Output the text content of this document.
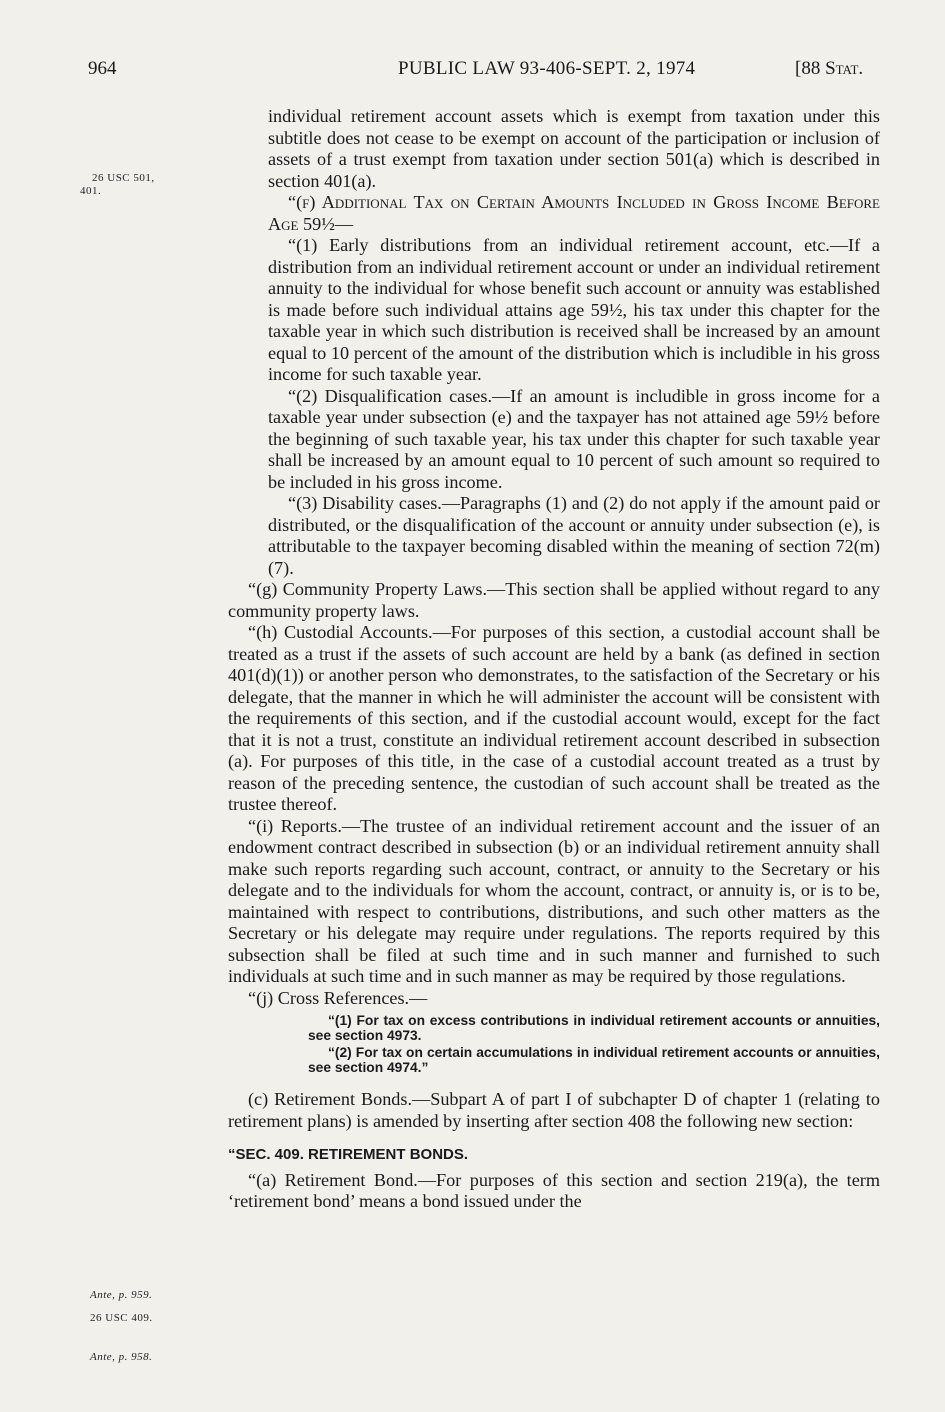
964	PUBLIC LAW 93-406-SEPT. 2, 1974	[88 Stat.
26 USC 501,
401.
Ante, p. 959.
26 USC 409.
Ante, p. 958.

individual retirement account assets which is exempt from taxation under this subtitle does not cease to be exempt on account of the participation or inclusion of assets of a trust exempt from taxation under section 501(a) which is described in section 401(a).

“(f) Additional Tax on Certain Amounts Included in Gross Income Before Age 59½—

“(1) Early distributions from an individual retirement account, etc.—If a distribution from an individual retirement account or under an individual retirement annuity to the individual for whose benefit such account or annuity was established is made before such individual attains age 59½, his tax under this chapter for the taxable year in which such distribution is received shall be increased by an amount equal to 10 percent of the amount of the distribution which is includible in his gross income for such taxable year.

“(2) Disqualification cases.—If an amount is includible in gross income for a taxable year under subsection (e) and the taxpayer has not attained age 59½ before the beginning of such taxable year, his tax under this chapter for such taxable year shall be increased by an amount equal to 10 percent of such amount so required to be included in his gross income.

“(3) Disability cases.—Paragraphs (1) and (2) do not apply if the amount paid or distributed, or the disqualification of the account or annuity under subsection (e), is attributable to the taxpayer becoming disabled within the meaning of section 72(m)(7).

“(g) Community Property Laws.—This section shall be applied without regard to any community property laws.

“(h) Custodial Accounts.—For purposes of this section, a custodial account shall be treated as a trust if the assets of such account are held by a bank (as defined in section 401(d)(1)) or another person who demonstrates, to the satisfaction of the Secretary or his delegate, that the manner in which he will administer the account will be consistent with the requirements of this section, and if the custodial account would, except for the fact that it is not a trust, constitute an individual retirement account described in subsection (a). For purposes of this title, in the case of a custodial account treated as a trust by reason of the preceding sentence, the custodian of such account shall be treated as the trustee thereof.

“(i) Reports.—The trustee of an individual retirement account and the issuer of an endowment contract described in subsection (b) or an individual retirement annuity shall make such reports regarding such account, contract, or annuity to the Secretary or his delegate and to the individuals for whom the account, contract, or annuity is, or is to be, maintained with respect to contributions, distributions, and such other matters as the Secretary or his delegate may require under regulations. The reports required by this subsection shall be filed at such time and in such manner and furnished to such individuals at such time and in such manner as may be required by those regulations.

“(j) Cross References.—

“(1) For tax on excess contributions in individual retirement accounts or annuities, see section 4973.

“(2) For tax on certain accumulations in individual retirement accounts or annuities, see section 4974.”

(c) Retirement Bonds.—Subpart A of part I of subchapter D of chapter 1 (relating to retirement plans) is amended by inserting after section 408 the following new section:

“SEC. 409. RETIREMENT BONDS.

“(a) Retirement Bond.—For purposes of this section and section 219(a), the term ‘retirement bond’ means a bond issued under the
